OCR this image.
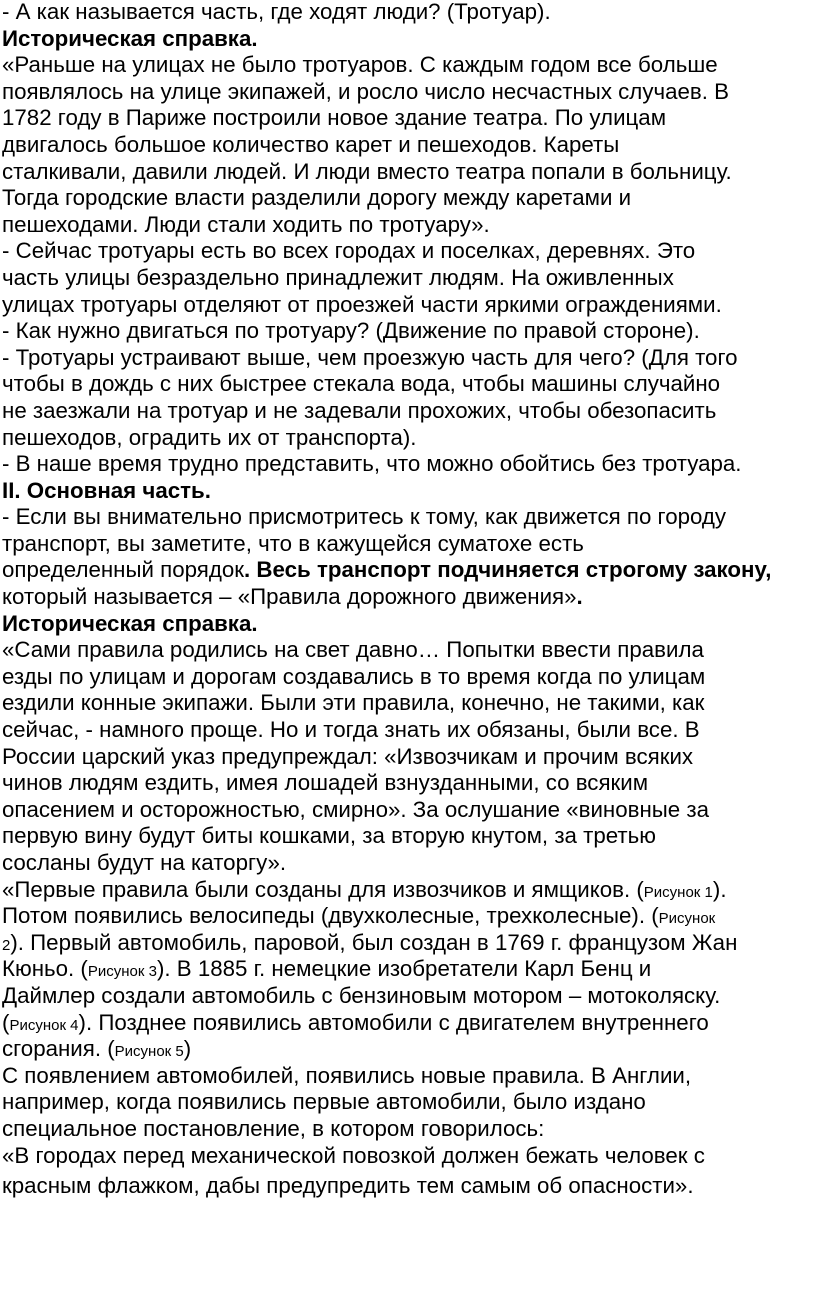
- А как называется часть, где ходят люди? (Тротуар).
Историческая справка.
«Раньше на улицах не было тротуаров. С каждым годом все больше
появлялось на улице экипажей, и росло число несчастных случаев. В
1782 году в Париже построили новое здание театра. По улицам
двигалось большое количество карет и пешеходов. Кареты
сталкивали, давили людей. И люди вместо театра попали в больницу.
Тогда городские власти разделили дорогу между каретами и
пешеходами. Люди стали ходить по тротуару».
- Сейчас тротуары есть во всех городах и поселках, деревнях. Это
часть улицы безраздельно принадлежит людям. На оживленных
улицах тротуары отделяют от проезжей части яркими ограждениями.
- Как нужно двигаться по тротуару? (Движение по правой стороне).
- Тротуары устраивают выше, чем проезжую часть для чего? (Для того
чтобы в дождь с них быстрее стекала вода, чтобы машины случайно
не заезжали на тротуар и не задевали прохожих, чтобы обезопасить
пешеходов, оградить их от транспорта).
- В наше время трудно представить, что можно обойтись без тротуара.
II. Основная часть.
- Если вы внимательно присмотритесь к тому, как движется по городу
транспорт, вы заметите, что в кажущейся суматохе есть
определенный порядок. Весь транспорт подчиняется строгому закону,
который называется – «Правила дорожного движения».
Историческая справка.
«Сами правила родились на свет давно… Попытки ввести правила
езды по улицам и дорогам создавались в то время когда по улицам
ездили конные экипажи. Были эти правила, конечно, не такими, как
сейчас, - намного проще. Но и тогда знать их обязаны, были все. В
России царский указ предупреждал: «Извозчикам и прочим всяких
чинов людям ездить, имея лошадей взнузданными, со всяким
опасением и осторожностью, смирно». За ослушание «виновные за
первую вину будут биты кошками, за вторую кнутом, за третью
сосланы будут на каторгу».
«Первые правила были созданы для извозчиков и ямщиков. (Рисунок 1).
Потом появились велосипеды (двухколесные, трехколесные). (Рисунок
2). Первый автомобиль, паровой, был создан в 1769 г. французом Жан
Кюньо. (Рисунок 3). В 1885 г. немецкие изобретатели Карл Бенц и
Даймлер создали автомобиль с бензиновым мотором – мотоколяску.
(Рисунок 4). Позднее появились автомобили с двигателем внутреннего
сгорания. (Рисунок 5)
С появлением автомобилей, появились новые правила. В Англии,
например, когда появились первые автомобили, было издано
специальное постановление, в котором говорилось:
«В городах перед механической повозкой должен бежать человек с
красным флажком, дабы предупредить тем самым об опасности».
